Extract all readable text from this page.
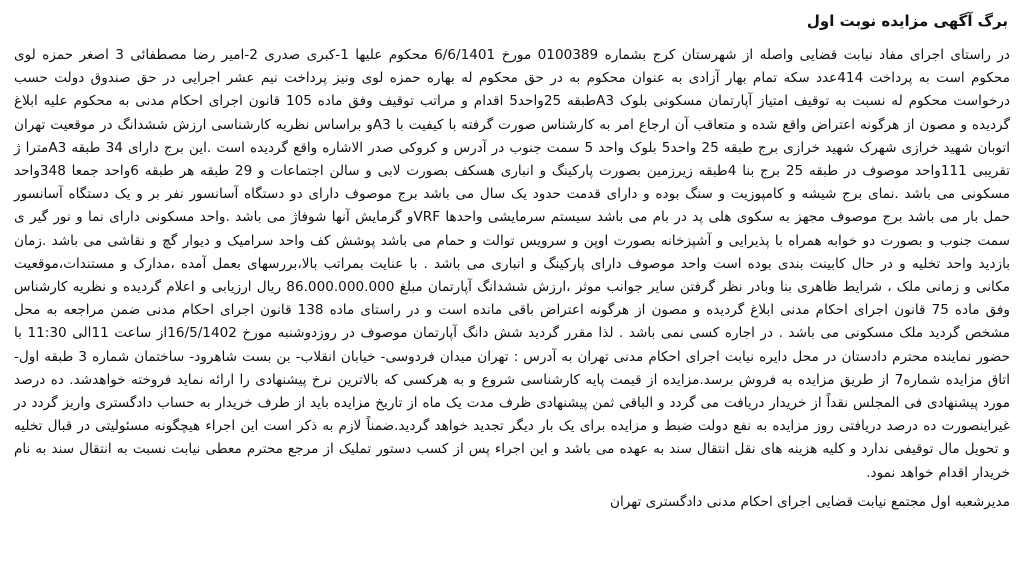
برگ آگهی مزایده نوبت اول

در راستای اجرای مفاد نیابت قضایی واصله از شهرستان کرج بشماره 0100389 مورخ 6/6/1401 محکوم علیها 1-کبری صدری 2-امیر رضا مصطفائی 3 اصغر حمزه لوی محکوم است به پرداخت 414عدد سکه تمام بهار آزادی به عنوان محکوم به در حق محکوم له بهاره حمزه لوی ونیز پرداخت نیم عشر اجرایی در حق صندوق دولت حسب درخواست محکوم له نسبت به توقیف امتیاز آپارتمان مسکونی بلوک A3طبقه 25واحد5 اقدام و مراتب توقیف وفق ماده 105 قانون اجرای احکام مدنی به محکوم علیه ابلاغ گردیده و مصون از هرگونه اعتراض واقع شده و متعاقب آن ارجاع امر به کارشناس صورت گرفته با کیفیت با A3و براساس نظریه کارشناسی ارزش ششدانگ در موقعیت تهران اتوبان شهید خرازی شهرک شهید خرازی برج طبقه 25 واحد5 بلوک واحد 5 سمت جنوب در آدرس و کروکی صدر الاشاره واقع گردیده است .این برج دارای 34 طبقه A3مترا ژ تقریبی 111واحد موصوف در طبقه 25 برج بنا 4طبقه زیرزمین بصورت پارکینگ و انباری هسکف بصورت لابی و سالن اجتماعات و 29 طبقه هر طبقه 6واحد جمعا 348واحد مسکونی می باشد .نمای برج شیشه و کامپوزیت و سنگ بوده و دارای قدمت حدود یک سال می باشد برج موصوف دارای دو دستگاه آسانسور نفر بر و یک دستگاه آسانسور حمل بار می باشد برج موصوف مجهز به سکوی هلی پد در بام می باشد سیستم سرمایشی واحدها VRFو گرمایش آنها شوفاژ می باشد .واحد مسکونی دارای نما و نور گیر ی سمت جنوب و بصورت دو خوابه همراه با پذیرایی و آشپزخانه بصورت اوپن و سرویس توالت و حمام می باشد پوشش کف واحد سرامیک و دیوار گچ و نقاشی می باشد .زمان بازدید واحد تخلیه و در حال کابینت بندی بوده است واحد موصوف دارای پارکینگ و انباری می باشد . با عنایت بمراتب بالا،بررسهای بعمل آمده ،مدارک و مستندات،موقعیت مکانی و زمانی ملک ، شرایط ظاهری بنا وبادر نظر گرفتن سایر جوانب موثر ،ارزش ششدانگ آپارتمان مبلغ 86.000.000.000 ریال ارزیابی و اعلام گردیده و نظریه کارشناس وفق ماده 75 قانون اجرای احکام مدنی ابلاغ گردیده و مصون از هرگونه اعتراض باقی مانده است و در راستای ماده 138 قانون اجرای احکام مدنی ضمن مراجعه به محل مشخص گردید ملک مسکونی می باشد . در اجاره کسی نمی باشد . لذا مقرر گردید شش دانگ آپارتمان موصوف در روزدوشنبه مورخ 16/5/1402از ساعت 11الی 11:30 با حضور نماینده محترم دادستان در محل دایره نیابت اجرای احکام مدنی تهران به آدرس : تهران میدان فردوسی- خیابان انقلاب- بن بست شاهرود- ساختمان شماره 3 طبقه اول-اتاق مزایده شماره7 از طریق مزایده به فروش برسد.مزایده از قیمت پایه کارشناسی شروع و به هرکسی که بالاترین نرخ پیشنهادی را ارائه نماید فروخته خواهدشد. ده درصد مورد پیشنهادی فی المجلس نقداً از خریدار دریافت می گردد و الباقی ثمن پیشنهادی ظرف مدت یک ماه از تاریخ مزایده باید از طرف خریدار به حساب دادگستری واریز گردد در غیراینصورت ده درصد دریافتی روز مزایده به نفع دولت ضبط و مزایده برای یک بار دیگر تجدید خواهد گردید.ضمناً لازم به ذکر است این اجراء هیچگونه مسئولیتی در قبال تخلیه و تحویل مال توقیفی ندارد و کلیه هزینه های نقل انتقال سند به عهده می باشد و این اجراء پس از کسب دستور تملیک از مرجع محترم معطی نیابت نسبت به انتقال سند به نام خریدار اقدام خواهد نمود.

مدیرشعبه اول مجتمع نیابت قضایی اجرای احکام مدنی دادگستری تهران
